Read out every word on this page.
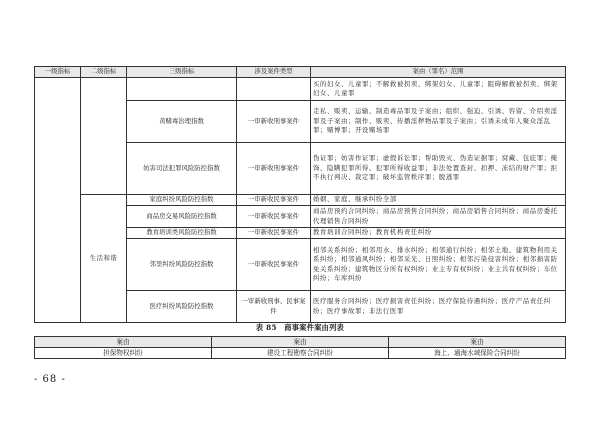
一级指标	二级指标	三级指标	涉及案件类型	案由（罪名）范围
				买的妇女、儿童罪；不解救被拐卖、绑架妇女、儿童罪；阻碍解救被拐卖、绑架妇女、儿童罪
		黄赌毒治理指数	一审新收刑事案件	走私、贩卖、运输、制造毒品罪及子案由；组织、强迫、引诱、容留、介绍卖淫罪及子案由；制作、贩卖、传播淫秽物品罪及子案由；引诱未成年人聚众淫乱罪；赌博罪；开设赌场罪
		妨害司法犯罪风险防控指数	一审新收刑事案件	伪证罪；妨害作证罪；虚假诉讼罪；帮助毁灭、伪造证据罪；窝藏、包庇罪；掩饰、隐瞒犯罪所得、犯罪所得收益罪；非法处置查封、扣押、冻结的财产罪；拒不执行判决、裁定罪；破坏监管秩序罪；脱逃罪
	生活和谐	家庭纠纷风险防控指数	一审新收民事案件	婚姻、家庭、继承纠纷全部
		商品房交易风险防控指数	一审新收民事案件	商品房预约合同纠纷；商品房预售合同纠纷；商品房销售合同纠纷；商品房委托代理销售合同纠纷
		教育培训类风险防控指数	一审新收民事案件	教育培训合同纠纷；教育机构责任纠纷
		邻里纠纷风险防控指数	一审新收民事案件	相邻关系纠纷；相邻用水、排水纠纷；相邻通行纠纷；相邻土地、建筑物利用关系纠纷；相邻通风纠纷；相邻采光、日照纠纷；相邻污染侵害纠纷；相邻损害防免关系纠纷；建筑物区分所有权纠纷；业主专有权纠纷；业主共有权纠纷；车位纠纷；车库纠纷
		医疗纠纷风险防控指数	一审新收刑事、民事案件	医疗服务合同纠纷；医疗损害责任纠纷；医疗保险待遇纠纷；医疗产品责任纠纷；医疗事故罪；非法行医罪
表 85　商事案件案由列表
案由	案由	案由
担保物权纠纷	建设工程勘察合同纠纷	海上、通海水域保险合同纠纷
- 68 -
